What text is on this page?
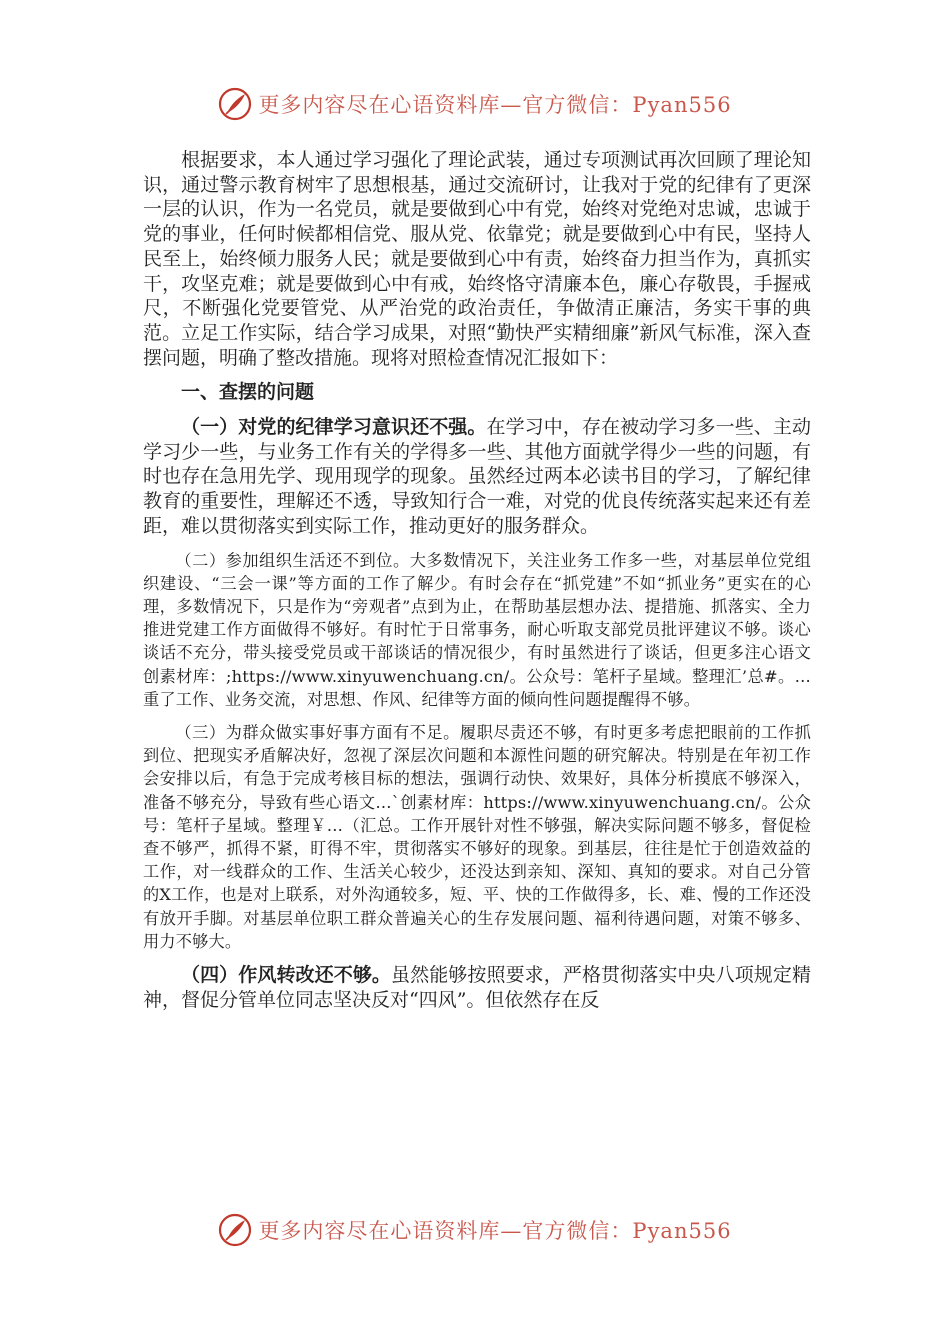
更多内容尽在心语资料库—官方微信：Pyan556

根据要求，本人通过学习强化了理论武装，通过专项测试再次回顾了理论知识，通过警示教育树牢了思想根基，通过交流研讨，让我对于党的纪律有了更深一层的认识，作为一名党员，就是要做到心中有党，始终对党绝对忠诚，忠诚于党的事业，任何时候都相信党、服从党、依靠党；就是要做到心中有民，坚持人民至上，始终倾力服务人民；就是要做到心中有责，始终奋力担当作为，真抓实干，攻坚克难；就是要做到心中有戒，始终恪守清廉本色，廉心存敬畏，手握戒尺，不断强化党要管党、从严治党的政治责任，争做清正廉洁，务实干事的典范。立足工作实际，结合学习成果，对照“勤快严实精细廉”新风气标准，深入查摆问题，明确了整改措施。现将对照检查情况汇报如下：

一、查摆的问题

（一）对党的纪律学习意识还不强。在学习中，存在被动学习多一些、主动学习少一些，与业务工作有关的学得多一些、其他方面就学得少一些的问题，有时也存在急用先学、现用现学的现象。虽然经过两本必读书目的学习，了解纪律教育的重要性，理解还不透，导致知行合一难，对党的优良传统落实起来还有差距，难以贯彻落实到实际工作，推动更好的服务群众。

（二）参加组织生活还不到位。大多数情况下，关注业务工作多一些，对基层单位党组织建设、“三会一课”等方面的工作了解少。有时会存在“抓党建”不如“抓业务”更实在的心理，多数情况下，只是作为“旁观者”点到为止，在帮助基层想办法、提措施、抓落实、全力推进党建工作方面做得不够好。有时忙于日常事务，耐心听取支部党员批评建议不够。谈心谈话不充分，带头接受党员或干部谈话的情况很少，有时虽然进行了谈话，但更多注心语文创素材库：;https://www.xinyuwenchuang.cn/。公众号：笔杆子星域。整理汇’总#。…重了工作、业务交流，对思想、作风、纪律等方面的倾向性问题提醒得不够。

（三）为群众做实事好事方面有不足。履职尽责还不够，有时更多考虑把眼前的工作抓到位、把现实矛盾解决好，忽视了深层次问题和本源性问题的研究解决。特别是在年初工作会安排以后，有急于完成考核目标的想法，强调行动快、效果好，具体分析摸底不够深入，准备不够充分，导致有些心语文…`创素材库：https://www.xinyuwenchuang.cn/。公众号：笔杆子星域。整理￥…（汇总。工作开展针对性不够强，解决实际问题不够多，督促检查不够严，抓得不紧，盯得不牢，贯彻落实不够好的现象。到基层，往往是忙于创造效益的工作，对一线群众的工作、生活关心较少，还没达到亲知、深知、真知的要求。对自己分管的X工作，也是对上联系，对外沟通较多，短、平、快的工作做得多，长、难、慢的工作还没有放开手脚。对基层单位职工群众普遍关心的生存发展问题、福利待遇问题，对策不够多、用力不够大。

（四）作风转改还不够。虽然能够按照要求，严格贯彻落实中央八项规定精神，督促分管单位同志坚决反对“四风”。但依然存在反

更多内容尽在心语资料库—官方微信：Pyan556
